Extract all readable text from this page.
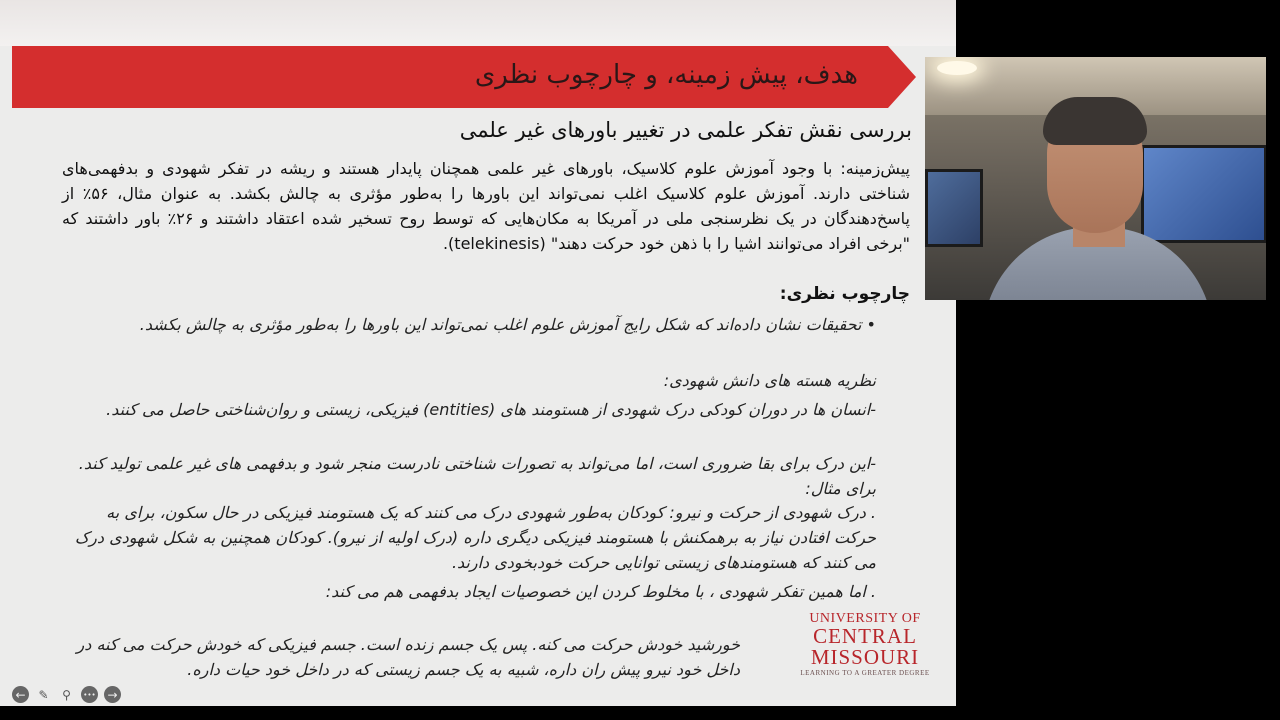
هدف، پیش زمینه، و چارچوب نظری
بررسی نقش تفکر علمی در تغییر باورهای غیر علمی
پیش‌زمینه: با وجود آموزش علوم کلاسیک، باورهای غیر علمی همچنان پایدار هستند و ریشه در تفکر شهودی و بدفهمی‌های شناختی دارند. آموزش علوم کلاسیک اغلب نمی‌تواند این باورها را به‌طور مؤثری به چالش بکشد. به عنوان مثال، ۵۶٪ از پاسخ‌دهندگان در یک نظرسنجی ملی در آمریکا به مکان‌هایی که توسط روح تسخیر شده اعتقاد داشتند و ۲۶٪ باور داشتند که "برخی افراد می‌توانند اشیا را با ذهن خود حرکت دهند" (telekinesis).
چارچوب نظری:
• تحقیقات نشان داده‌اند که شکل رایج آموزش علوم اغلب نمی‌تواند این باورها را به‌طور مؤثری به چالش بکشد.
نظریه هسته های دانش شهودی:
-انسان ها در دوران کودکی درک شهودی از هستومند های (entities) فیزیکی، زیستی و روان‌شناختی حاصل می کنند.
-این درک برای بقا ضروری است، اما می‌تواند به تصورات شناختی نادرست منجر شود و بدفهمی های غیر علمی تولید کند. برای مثال:
. درک شهودی از حرکت و نیرو: کودکان به‌طور شهودی درک می کنند که یک هستومند فیزیکی در حال سکون، برای به حرکت افتادن نیاز به برهمکنش با هستومند فیزیکی دیگری داره (درک اولیه از نیرو). کودکان همچنین به شکل شهودی درک می کنند که هستومندهای زیستی توانایی حرکت خودبخودی دارند.
. اما همین تفکر شهودی ، با مخلوط کردن این خصوصیات ایجاد بدفهمی هم می کند:
خورشید خودش حرکت می کنه. پس یک جسم زنده است. جسم فیزیکی که خودش حرکت می کنه در داخل خود نیرو پیش ران داره، شبیه به یک جسم زیستی که در داخل خود حیات داره.
UNIVERSITY OF
CENTRAL
MISSOURI
LEARNING TO A GREATER DEGREE
← ✎	⚲	••• →
